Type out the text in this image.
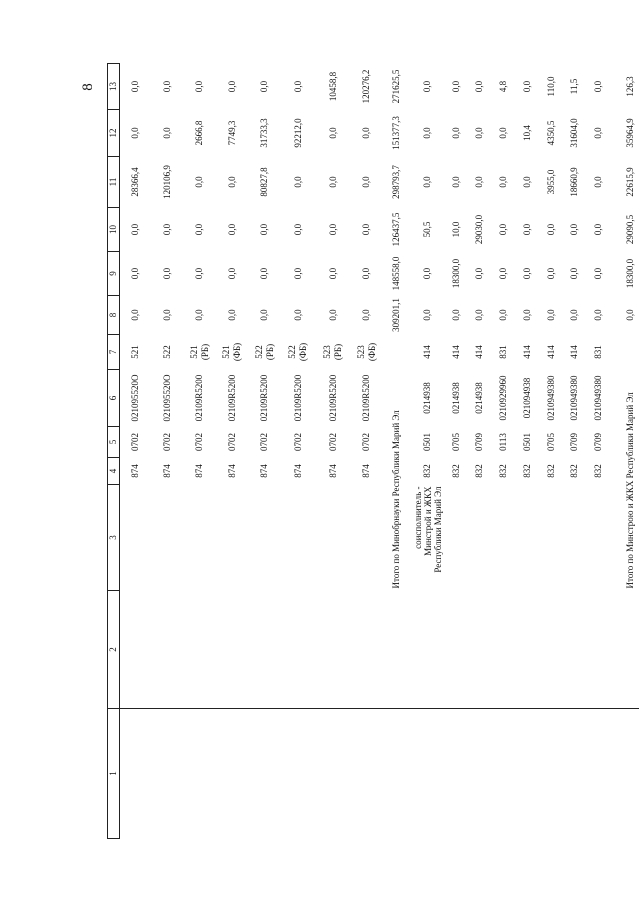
8
1	2	3	4	5	6	7	8	9	10	11	12	13
			874	0702	021095520О	521	0,0	0,0	0,0	28366,4	0,0	0,0
			874	0702	021095520О	522	0,0	0,0	0,0	120106,9	0,0	0,0
			874	0702	02109R5200	521 (РБ)	0,0	0,0	0,0	0,0	2666,8	0,0
			874	0702	02109R5200	521 (ФБ)	0,0	0,0	0,0	0,0	7749,3	0,0
			874	0702	02109R5200	522 (РБ)	0,0	0,0	0,0	80827,8	31733,3	0,0
			874	0702	02109R5200	522 (ФБ)	0,0	0,0	0,0	0,0	92212,0	0,0
			874	0702	02109R5200	523 (РБ)	0,0	0,0	0,0	0,0	0,0	10458,8
			874	0702	02109R5200	523 (ФБ)	0,0	0,0	0,0	0,0	0,0	120276,2
		Итого по Минобрнауки Республики Марий Эл					309201,1	148558,0	126437,5	298793,7	151377,3	271625,5
		соисполнитель - Минстрой и ЖКХ Республики Марий Эл	832	0501	0214938	414	0,0	0,0	50,5	0,0	0,0	0,0
			832	0705	0214938	414	0,0	18300,0	10,0	0,0	0,0	0,0
			832	0709	0214938	414	0,0	0,0	29030,0	0,0	0,0	0,0
			832	0113	0210929960	831	0,0	0,0	0,0	0,0	0,0	4,8
			832	0501	021094938	414	0,0	0,0	0,0	0,0	10,4	0,0
			832	0705	0210949380	414	0,0	0,0	0,0	3955,0	4350,5	110,0
			832	0709	0210949380	414	0,0	0,0	0,0	18660,9	31604,0	11,5
			832	0709	0210949380	831	0,0	0,0	0,0	0,0	0,0	0,0
		Итого по Минстрою и ЖКХ Республики Марий Эл					0,0	18300,0	29090,5	22615,9	35964,9	126,3
